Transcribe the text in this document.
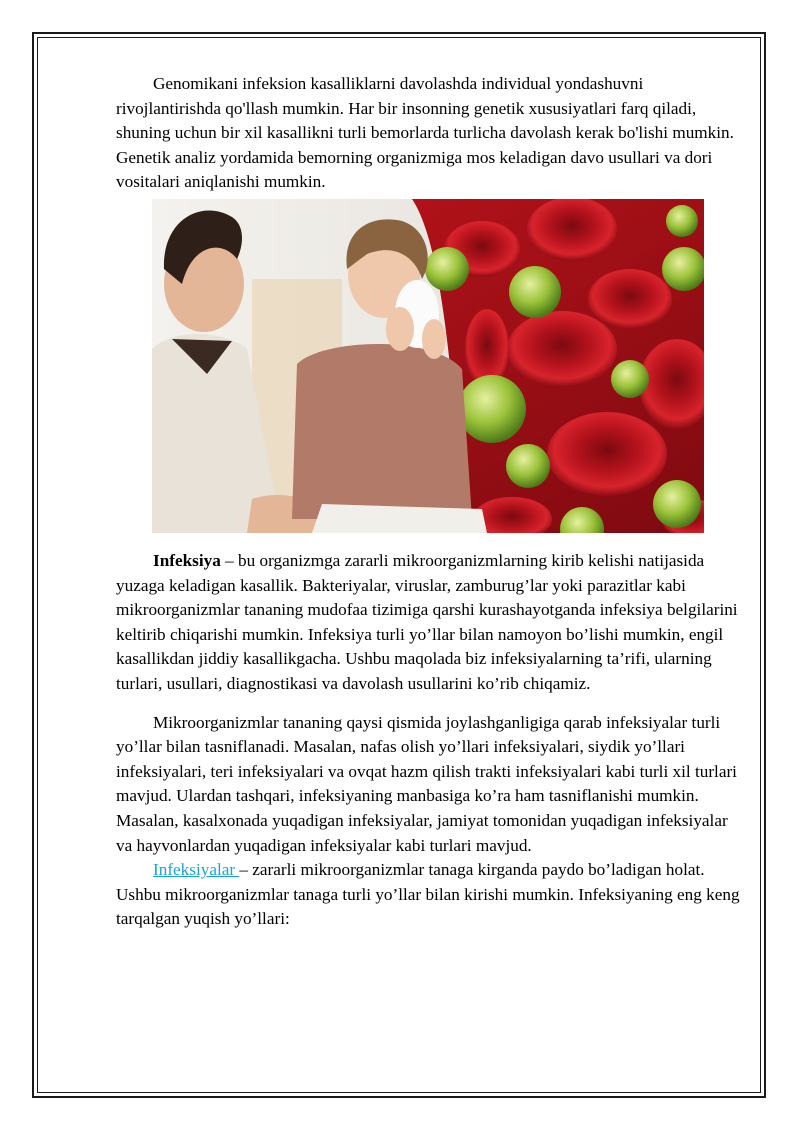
Genomikani infeksion kasalliklarni davolashda individual yondashuvni rivojlantirishda qo'llash mumkin. Har bir insonning genetik xususiyatlari farq qiladi, shuning uchun bir xil kasallikni turli bemorlarda turlicha davolash kerak bo'lishi mumkin. Genetik analiz yordamida bemorning organizmiga mos keladigan davo usullari va dori vositalari aniqlanishi mumkin.

Infeksiya – bu organizmga zararli mikroorganizmlarning kirib kelishi natijasida yuzaga keladigan kasallik. Bakteriyalar, viruslar, zamburug’lar yoki parazitlar kabi mikroorganizmlar tananing mudofaa tizimiga qarshi kurashayotganda infeksiya belgilarini keltirib chiqarishi mumkin. Infeksiya turli yo’llar bilan namoyon bo’lishi mumkin, engil kasallikdan jiddiy kasallikgacha. Ushbu maqolada biz infeksiyalarning ta’rifi, ularning turlari, usullari, diagnostikasi va davolash usullarini ko’rib chiqamiz.

Mikroorganizmlar tananing qaysi qismida joylashganligiga qarab infeksiyalar turli yo’llar bilan tasniflanadi. Masalan, nafas olish yo’llari infeksiyalari, siydik yo’llari infeksiyalari, teri infeksiyalari va ovqat hazm qilish trakti infeksiyalari kabi turli xil turlari mavjud. Ulardan tashqari, infeksiyaning manbasiga ko’ra ham tasniflanishi mumkin. Masalan, kasalxonada yuqadigan infeksiyalar, jamiyat tomonidan yuqadigan infeksiyalar va hayvonlardan yuqadigan infeksiyalar kabi turlari mavjud.

Infeksiyalar – zararli mikroorganizmlar tanaga kirganda paydo bo’ladigan holat. Ushbu mikroorganizmlar tanaga turli yo’llar bilan kirishi mumkin. Infeksiyaning eng keng tarqalgan yuqish yo’llari:
